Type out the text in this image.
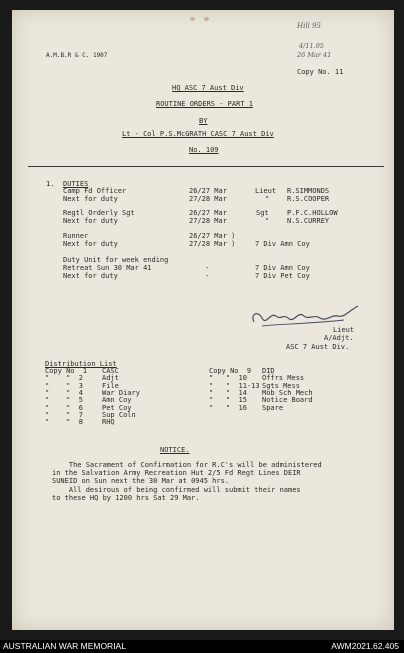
A.M.B.R & C. 1907
Hill 95
4/11.95
26 Mar 41
Copy No. 11
HQ ASC 7 Aust Div
ROUTINE ORDERS - PART 1
BY
Lt - Col P.S.McGRATH CASC 7 Aust Div
No. 109
1. DUTIES
Camp Fd Officer	26/27 Mar	Lieut R.SIMMONDS
Next for duty	27/28 Mar	"	R.S.COOPER
Regtl Orderly Sgt	26/27 Mar	Sgt	P.F.C.HOLLOW
Next for duty	27/28 Mar	"	N.S.CURREY
Runner	26/27 Mar )
Next for duty	27/28 Mar )	7 Div Amn Coy
Duty Unit for week ending
Retreat Sun 30 Mar 41	-	7 Div Amn Coy
Next for duty	-	7 Div Pet Coy
Lieut
A/Adjt.
ASC 7 Aust Div.
Distribution List
Copy No  1 CASC
"    "  2	Adjt
"    "  3	File
"    "  4	War Diary
"    "  5	Amn Coy
"    "  6	Pet Coy
"    "  7	Sup Coln
"    "  8	RHQ
Copy No  9 DID
"   "  10 Offrs Mess
"   "  11-13 Sgts Mess
"   "  14 Mob Sch Mech
"   "  15 Notice Board
"   "  16 Spare
NOTICE.
The Sacrament of Confirmation for R.C's will be administered
in the Salvation Army Recreation Hut 2/5 Fd Regt Lines DEIR
SUNEID on Sun next the 30 Mar at 0945 hrs.
All desirous of being confirmed will submit their names
to these HQ by 1200 hrs Sat 29 Mar.
AUSTRALIAN WAR MEMORIAL	AWM2021.62.405
